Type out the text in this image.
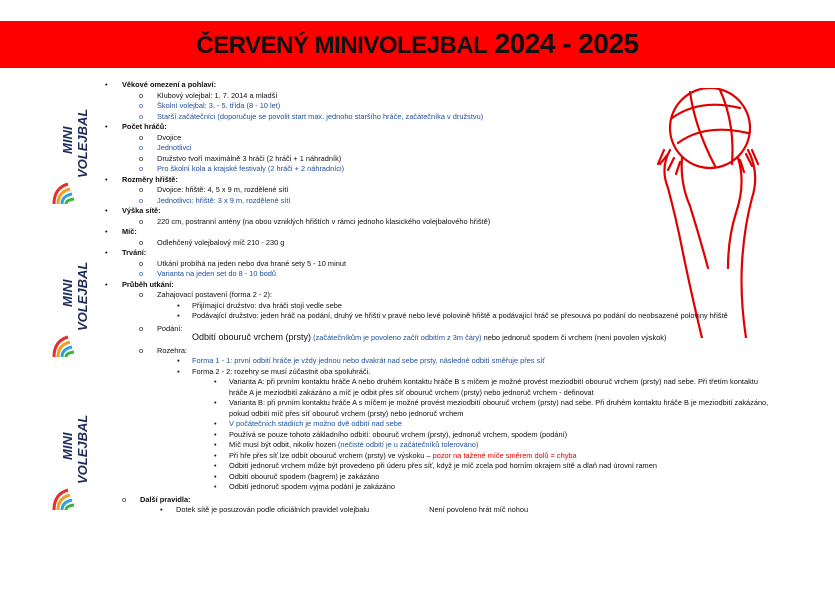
ČERVENÝ MINIVOLEJBAL 2024 - 2025
MINI VOLEJBAL
MINI VOLEJBAL
MINI VOLEJBAL
• Věkové omezení a pohlaví:
o Klubový volejbal: 1. 7. 2014 a mladší
o Školní volejbal: 3. - 5. třída (8 - 10 let)
o Starší začátečníci (doporučuje se povolit start max. jednoho staršího hráče, začátečníka v družstvu)
• Počet hráčů:
o Dvojice
o Jednotlivci
o Družstvo tvoří maximálně 3 hráči (2 hráči + 1 náhradník)
o Pro školní kola a krajské festivaly (2 hráči + 2 náhradníci)
• Rozměry hřiště:
o Dvojice: hřiště: 4, 5 x 9 m, rozdělené sítí
o Jednotlivci: hřiště: 3 x 9 m, rozdělené sítí
• Výška sítě:
o 220 cm, postranní antény (na obou vzniklých hřištích v rámci jednoho klasického volejbalového hřiště)
• Míč:
o Odlehčený volejbalový míč 210 - 230 g
• Trvání:
o Utkání probíhá na jeden nebo dva hrané sety 5 - 10 minut
o Varianta na jeden set do 8 - 10 bodů
• Průběh utkání:
o Zahajovací postavení (forma 2 - 2):
▪ Přijímající družstvo: dva hráči stojí vedle sebe
▪ Podávající družstvo: jeden hráč na podání, druhý ve hřišti v pravé nebo levé polovině hřiště a podávající hráč se přesouvá po podání do neobsazené poloviny hřiště
o Podání:
Odbití obouruč vrchem (prsty) (začátečníkům je povoleno začít odbitím z 3m čáry) nebo jednoruč spodem či vrchem (není povolen výskok)
o Rozehra:
▪ Forma 1 - 1: první odbití hráče je vždy jednou nebo dvakrát nad sebe prsty, následné odbití směřuje přes síť
▪ Forma 2 - 2: rozehry se musí zúčastnit oba spoluhráči.
• Varianta A: při prvním kontaktu hráče A nebo druhém kontaktu hráče B s míčem je možné provést meziodbití obouruč vrchem (prsty) nad sebe. Při třetím kontaktu hráče A je meziodbití zakázáno a míč je odbit přes síť obouruč vrchem (prsty) nebo jednoruč vrchem - definovat
• Varianta B: při prvním kontaktu hráče A s míčem je možné provést meziodbití obouruč vrchem (prsty) nad sebe. Při druhém kontaktu hráče B je meziodbití zakázáno, pokud odbití míč přes síť obouruč vrchem (prsty) nebo jednoruč vrchem
• V počátečních stádiích je možno dvě odbití nad sebe
• Používá se pouze tohoto základního odbití: obouruč vrchem (prsty), jednoruč vrchem, spodem (podání)
• Míč musí být odbit, nikoliv hozen (nečisté odbití je u začátečníků tolerováno)
• Při hře přes síť lze odbít obouruč vrchem (prsty) ve výskoku – pozor na tažené míče směrem dolů = chyba
• Odbití jednoruč vrchem může být provedeno při úderu přes síť, když je míč zcela pod horním okrajem sítě a dlaň nad úrovní ramen
• Odbití obouruč spodem (bagrem) je zakázáno
• Odbití jednoruč spodem vyjma podání je zakázáno
o Další pravidla:
▪ Dotek sítě je posuzován podle oficiálních pravidel volejbalu	Není povoleno hrát míč nohou
